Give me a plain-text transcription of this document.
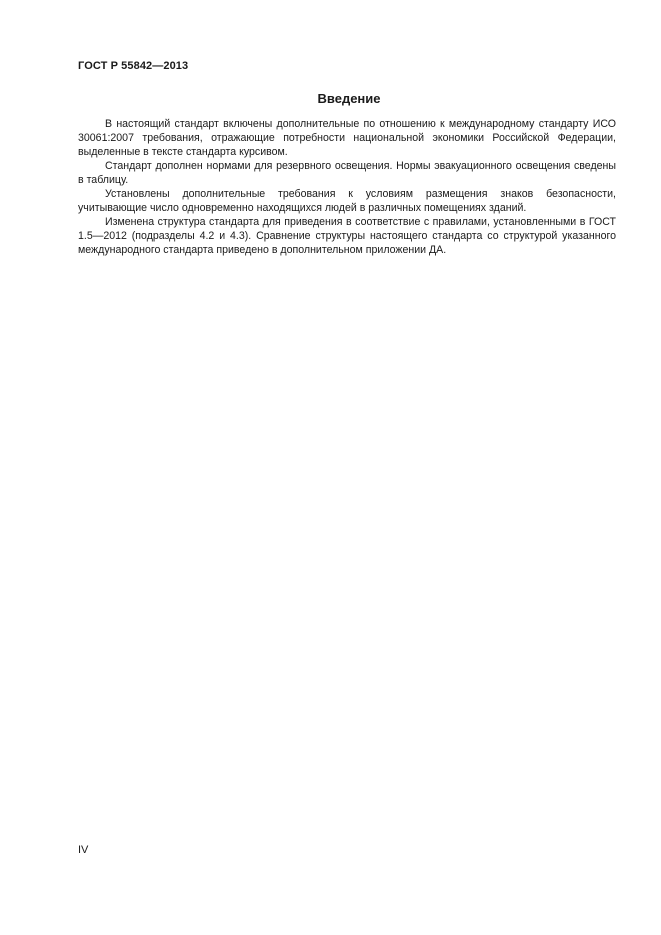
ГОСТ Р 55842—2013
Введение

В настоящий стандарт включены дополнительные по отношению к международному стандарту ИСО 30061:2007 требования, отражающие потребности национальной экономики Российской Федерации, выделенные в тексте стандарта курсивом.

Стандарт дополнен нормами для резервного освещения. Нормы эвакуационного освещения сведены в таблицу.

Установлены дополнительные требования к условиям размещения знаков безопасности, учитывающие число одновременно находящихся людей в различных помещениях зданий.

Изменена структура стандарта для приведения в соответствие с правилами, установленными в ГОСТ 1.5—2012 (подразделы 4.2 и 4.3). Сравнение структуры настоящего стандарта со структурой указанного международного стандарта приведено в дополнительном приложении ДА.

IV
